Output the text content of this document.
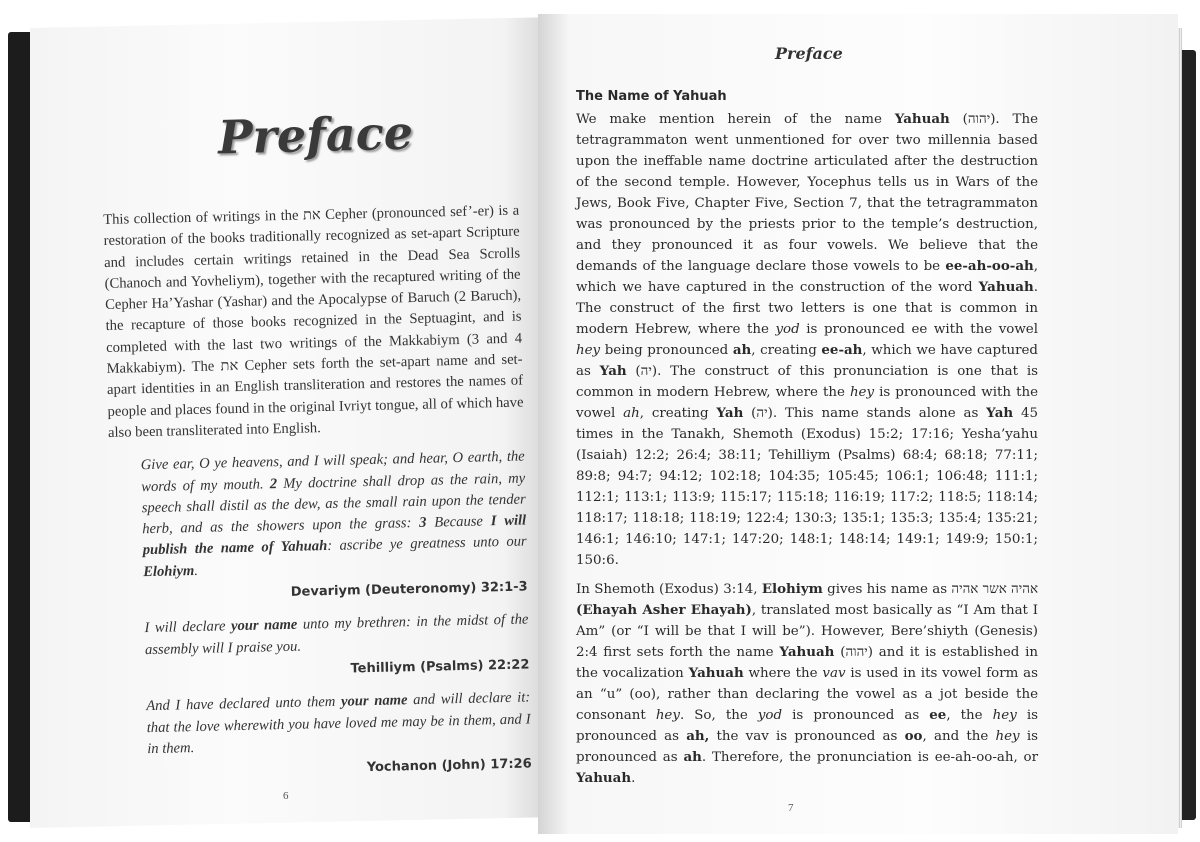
Preface

This collection of writings in the את Cepher (pronounced sef’-er) is a restoration of the books traditionally recognized as set-apart Scripture and includes certain writings retained in the Dead Sea Scrolls (Chanoch and Yovheliym), together with the recaptured writing of the Cepher Ha’Yashar (Yashar) and the Apocalypse of Baruch (2 Baruch), the recapture of those books recognized in the Septuagint, and is completed with the last two writings of the Makkabiym (3 and 4 Makkabiym). The את Cepher sets forth the set-apart name and set-apart identities in an English transliteration and restores the names of people and places found in the original Ivriyt tongue, all of which have also been transliterated into English.

Give ear, O ye heavens, and I will speak; and hear, O earth, the words of my mouth. 2 My doctrine shall drop as the rain, my speech shall distil as the dew, as the small rain upon the tender herb, and as the showers upon the grass: 3 Because I will publish the name of Yahuah: ascribe ye greatness unto our Elohiym.
Devariym (Deuteronomy) 32:1-3
I will declare your name unto my brethren: in the midst of the assembly will I praise you.
Tehilliym (Psalms) 22:22
And I have declared unto them your name and will declare it: that the love wherewith you have loved me may be in them, and I in them.
Yochanon (John) 17:26
6
Preface
The Name of Yahuah

We make mention herein of the name Yahuah (יהוה). The tetragrammaton went unmentioned for over two millennia based upon the ineffable name doctrine articulated after the destruction of the second temple. However, Yocephus tells us in Wars of the Jews, Book Five, Chapter Five, Section 7, that the tetragrammaton was pronounced by the priests prior to the temple’s destruction, and they pronounced it as four vowels. We believe that the demands of the language declare those vowels to be ee-ah-oo-ah, which we have captured in the construction of the word Yahuah. The construct of the first two letters is one that is common in modern Hebrew, where the yod is pronounced ee with the vowel hey being pronounced ah, creating ee-ah, which we have captured as Yah (יה). The construct of this pronunciation is one that is common in modern Hebrew, where the hey is pronounced with the vowel ah, creating Yah (יה). This name stands alone as Yah 45 times in the Tanakh, Shemoth (Exodus) 15:2; 17:16; Yesha’yahu (Isaiah) 12:2; 26:4; 38:11; Tehilliym (Psalms) 68:4; 68:18; 77:11; 89:8; 94:7; 94:12; 102:18; 104:35; 105:45; 106:1; 106:48; 111:1; 112:1; 113:1; 113:9; 115:17; 115:18; 116:19; 117:2; 118:5; 118:14; 118:17; 118:18; 118:19; 122:4; 130:3; 135:1; 135:3; 135:4; 135:21; 146:1; 146:10; 147:1; 147:20; 148:1; 148:14; 149:1; 149:9; 150:1; 150:6.

In Shemoth (Exodus) 3:14, Elohiym gives his name as אהיה אשר אהיה (Ehayah Asher Ehayah), translated most basically as “I Am that I Am” (or “I will be that I will be”). However, Bere’shiyth (Genesis) 2:4 first sets forth the name Yahuah (יהוה) and it is established in the vocalization Yahuah where the vav is used in its vowel form as an “u” (oo), rather than declaring the vowel as a jot beside the consonant hey. So, the yod is pronounced as ee, the hey is pronounced as ah, the vav is pronounced as oo, and the hey is pronounced as ah. Therefore, the pronunciation is ee-ah-oo-ah, or Yahuah.

7
